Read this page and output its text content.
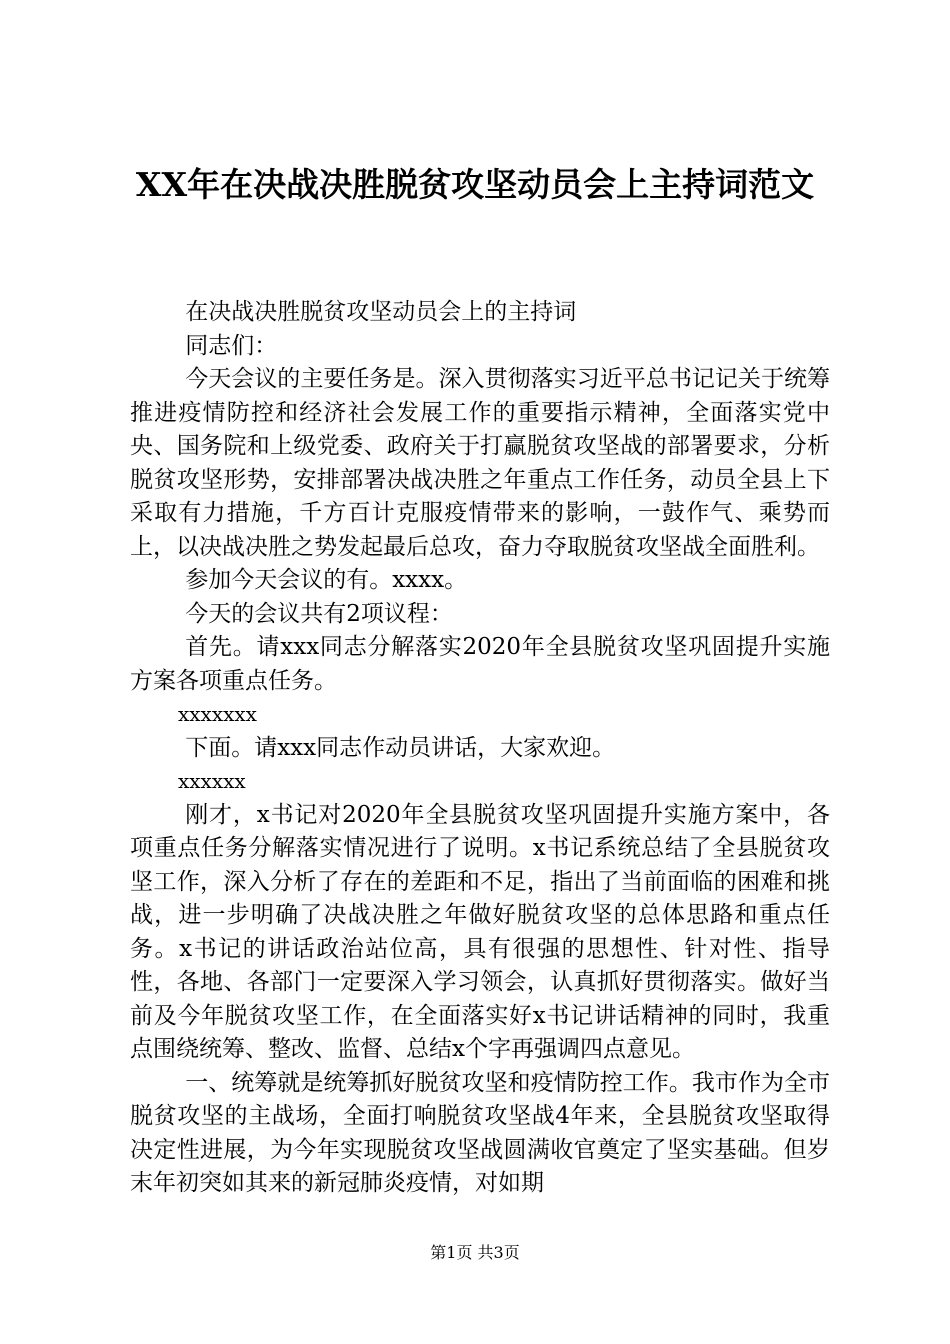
XX年在决战决胜脱贫攻坚动员会上主持词范文

在决战决胜脱贫攻坚动员会上的主持词

同志们：

今天会议的主要任务是。深入贯彻落实习近平总书记记关于统筹推进疫情防控和经济社会发展工作的重要指示精神，全面落实党中央、国务院和上级党委、政府关于打赢脱贫攻坚战的部署要求，分析脱贫攻坚形势，安排部署决战决胜之年重点工作任务，动员全县上下采取有力措施，千方百计克服疫情带来的影响，一鼓作气、乘势而上，以决战决胜之势发起最后总攻，奋力夺取脱贫攻坚战全面胜利。

参加今天会议的有。xxxx。

今天的会议共有2项议程：

首先。请xxx同志分解落实2020年全县脱贫攻坚巩固提升实施方案各项重点任务。

xxxxxxx

下面。请xxx同志作动员讲话，大家欢迎。

xxxxxx

刚才，x书记对2020年全县脱贫攻坚巩固提升实施方案中，各项重点任务分解落实情况进行了说明。x书记系统总结了全县脱贫攻坚工作，深入分析了存在的差距和不足，指出了当前面临的困难和挑战，进一步明确了决战决胜之年做好脱贫攻坚的总体思路和重点任务。x书记的讲话政治站位高，具有很强的思想性、针对性、指导性，各地、各部门一定要深入学习领会，认真抓好贯彻落实。做好当前及今年脱贫攻坚工作，在全面落实好x书记讲话精神的同时，我重点围绕统筹、整改、监督、总结x个字再强调四点意见。

一、统筹就是统筹抓好脱贫攻坚和疫情防控工作。我市作为全市脱贫攻坚的主战场，全面打响脱贫攻坚战4年来，全县脱贫攻坚取得决定性进展，为今年实现脱贫攻坚战圆满收官奠定了坚实基础。但岁末年初突如其来的新冠肺炎疫情，对如期

第1页 共3页
